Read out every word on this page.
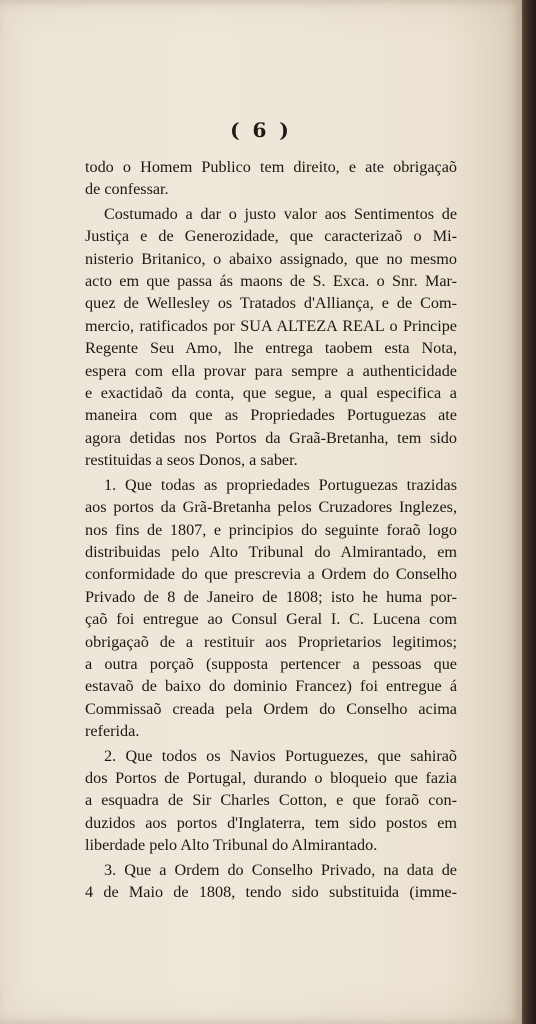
( 6 )

todo o Homem Publico tem direito, e ate obrigaçaõ
de confessar.

Costumado a dar o justo valor aos Sentimentos de
Justiça e de Generozidade, que caracterizaõ o Mi-
nisterio Britanico, o abaixo assignado, que no mesmo
acto em que passa ás maons de S. Exca. o Snr. Mar-
quez de Wellesley os Tratados d'Alliança, e de Com-
mercio, ratificados por SUA ALTEZA REAL o Principe
Regente Seu Amo, lhe entrega taobem esta Nota,
espera com ella provar para sempre a authenticidade
e exactidaõ da conta, que segue, a qual especifica a
maneira com que as Propriedades Portuguezas ate
agora detidas nos Portos da Graã-Bretanha, tem sido
restituidas a seos Donos, a saber.

1. Que todas as propriedades Portuguezas trazidas
aos portos da Grã-Bretanha pelos Cruzadores Inglezes,
nos fins de 1807, e principios do seguinte foraõ logo
distribuidas pelo Alto Tribunal do Almirantado, em
conformidade do que prescrevia a Ordem do Conselho
Privado de 8 de Janeiro de 1808; isto he huma por-
çaõ foi entregue ao Consul Geral I. C. Lucena com
obrigaçaõ de a restituir aos Proprietarios legitimos;
a outra porçaõ (supposta pertencer a pessoas que
estavaõ de baixo do dominio Francez) foi entregue á
Commissaõ creada pela Ordem do Conselho acima
referida.

2. Que todos os Navios Portuguezes, que sahiraõ
dos Portos de Portugal, durando o bloqueio que fazia
a esquadra de Sir Charles Cotton, e que foraõ con-
duzidos aos portos d'Inglaterra, tem sido postos em
liberdade pelo Alto Tribunal do Almirantado.

3. Que a Ordem do Conselho Privado, na data de
4 de Maio de 1808, tendo sido substituida (imme-
